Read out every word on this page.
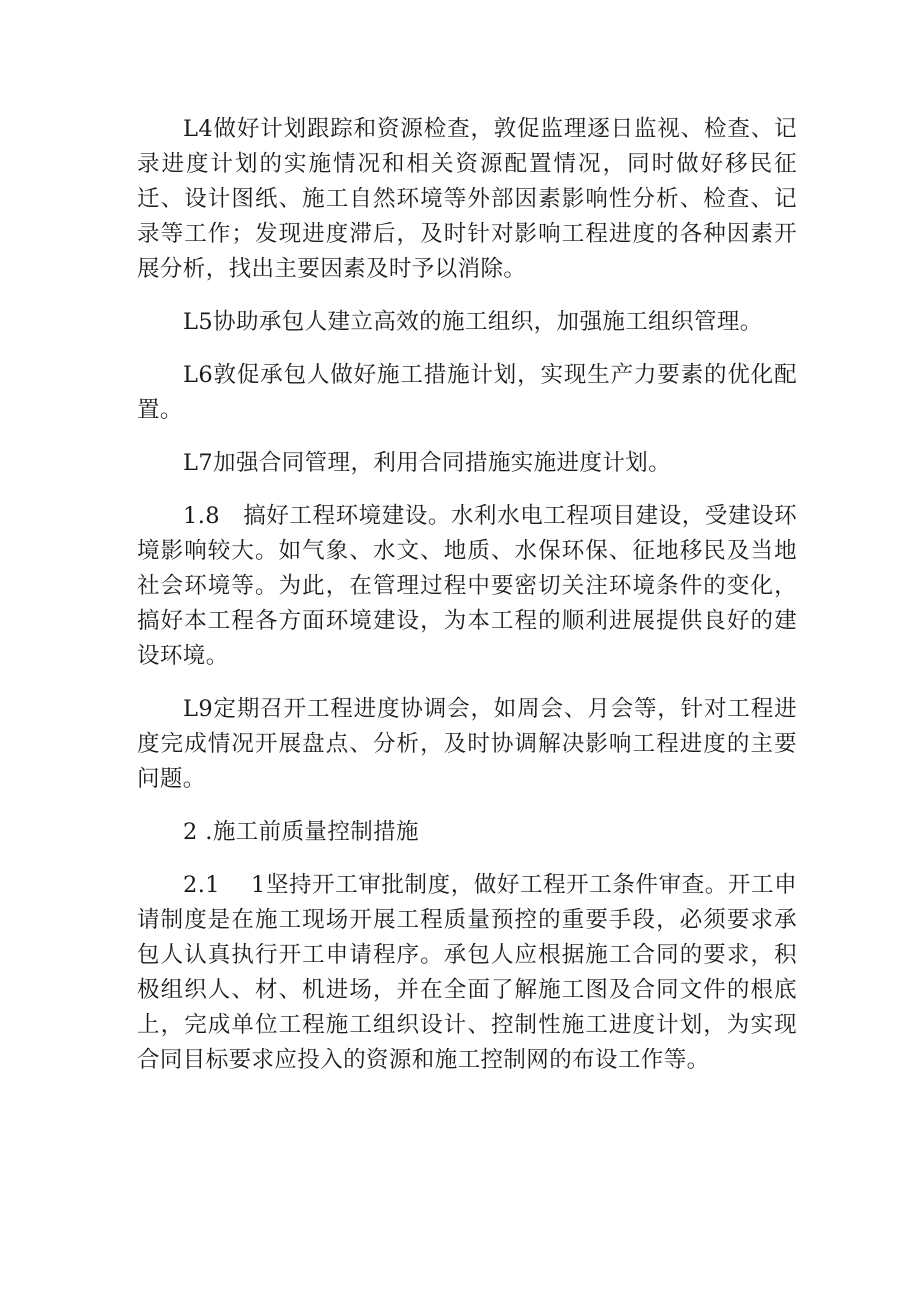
L4做好计划跟踪和资源检查，敦促监理逐日监视、检查、记录进度计划的实施情况和相关资源配置情况，同时做好移民征迁、设计图纸、施工自然环境等外部因素影响性分析、检查、记录等工作；发现进度滞后，及时针对影响工程进度的各种因素开展分析，找出主要因素及时予以消除。

L5协助承包人建立高效的施工组织，加强施工组织管理。

L6敦促承包人做好施工措施计划，实现生产力要素的优化配置。

L7加强合同管理，利用合同措施实施进度计划。

1.8　搞好工程环境建设。水利水电工程项目建设，受建设环境影响较大。如气象、水文、地质、水保环保、征地移民及当地社会环境等。为此，在管理过程中要密切关注环境条件的变化，搞好本工程各方面环境建设，为本工程的顺利进展提供良好的建设环境。

L9定期召开工程进度协调会，如周会、月会等，针对工程进度完成情况开展盘点、分析，及时协调解决影响工程进度的主要问题。

2 .施工前质量控制措施

2.1　 1坚持开工审批制度，做好工程开工条件审查。开工申请制度是在施工现场开展工程质量预控的重要手段，必须要求承包人认真执行开工申请程序。承包人应根据施工合同的要求，积极组织人、材、机进场，并在全面了解施工图及合同文件的根底上，完成单位工程施工组织设计、控制性施工进度计划，为实现合同目标要求应投入的资源和施工控制网的布设工作等。
